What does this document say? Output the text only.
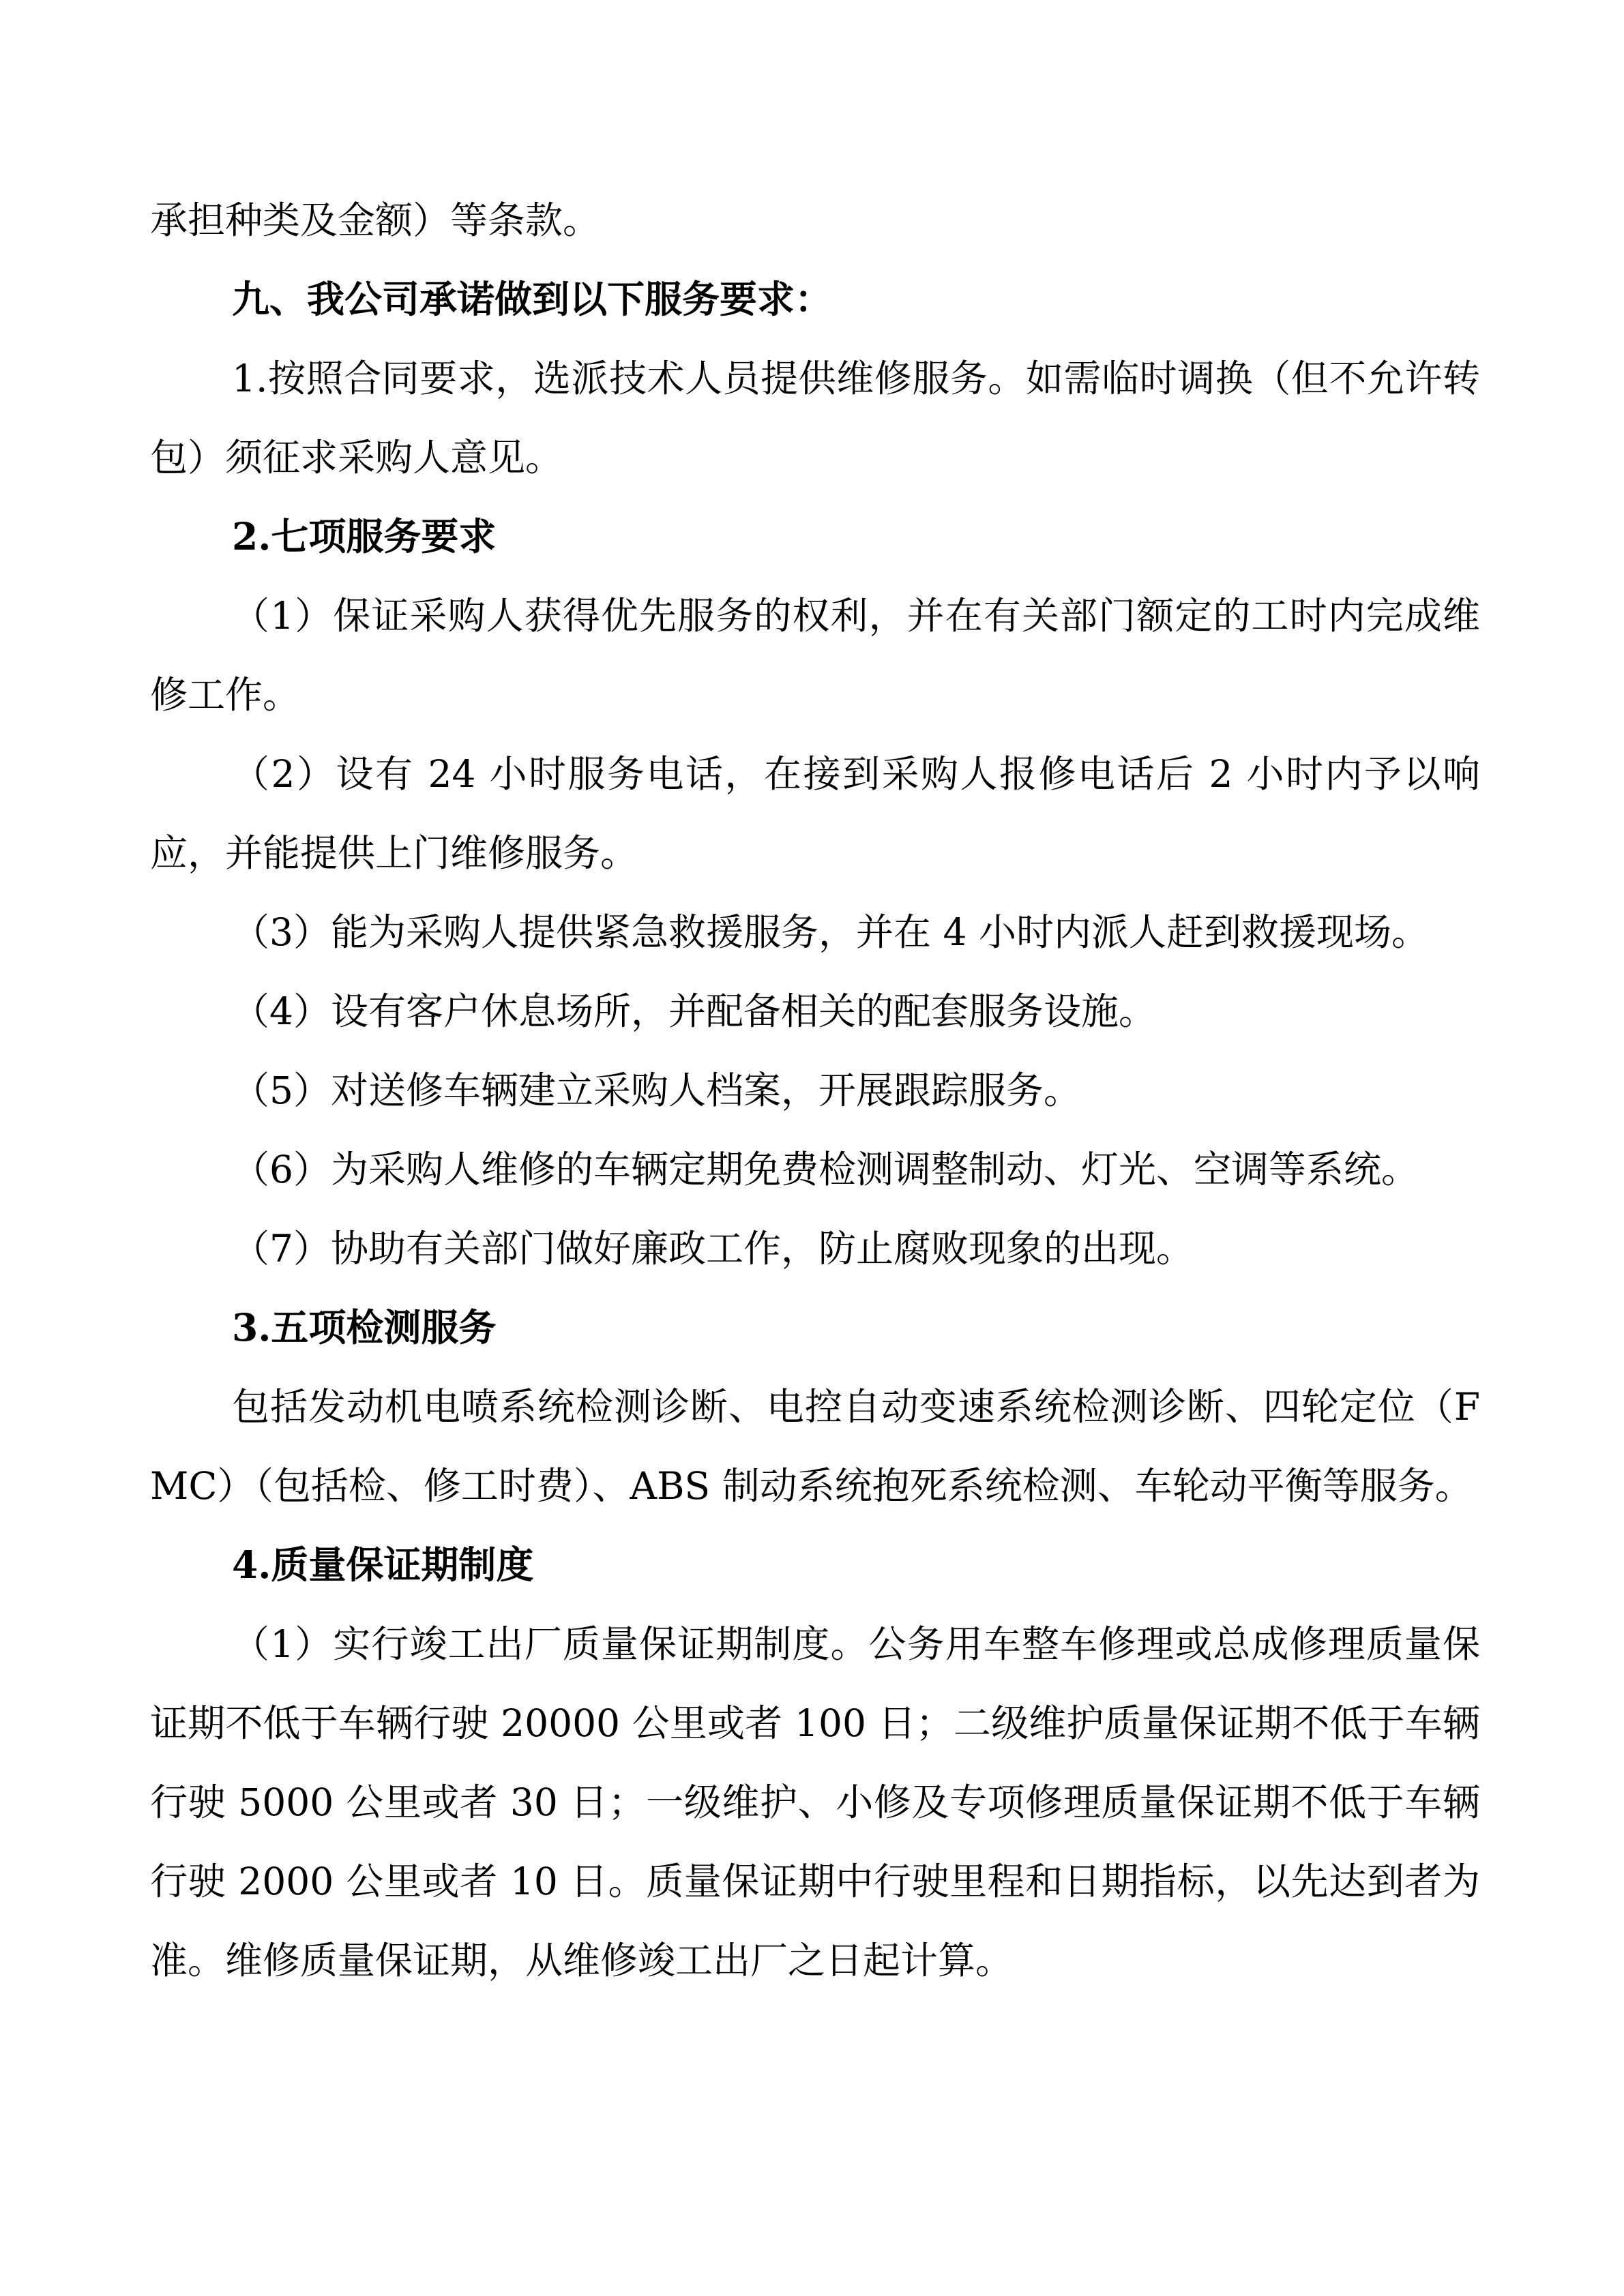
承担种类及金额）等条款。

九、我公司承诺做到以下服务要求：

1.按照合同要求，选派技术人员提供维修服务。如需临时调换（但不允许转包）须征求采购人意见。

2.七项服务要求

（1）保证采购人获得优先服务的权利，并在有关部门额定的工时内完成维修工作。

（2）设有 24 小时服务电话，在接到采购人报修电话后 2 小时内予以响应，并能提供上门维修服务。

（3）能为采购人提供紧急救援服务，并在 4 小时内派人赶到救援现场。

（4）设有客户休息场所，并配备相关的配套服务设施。

（5）对送修车辆建立采购人档案，开展跟踪服务。

（6）为采购人维修的车辆定期免费检测调整制动、灯光、空调等系统。

（7）协助有关部门做好廉政工作，防止腐败现象的出现。

3.五项检测服务

包括发动机电喷系统检测诊断、电控自动变速系统检测诊断、四轮定位（FMC）（包括检、修工时费）、ABS 制动系统抱死系统检测、车轮动平衡等服务。

4.质量保证期制度

（1）实行竣工出厂质量保证期制度。公务用车整车修理或总成修理质量保证期不低于车辆行驶 20000 公里或者 100 日；二级维护质量保证期不低于车辆行驶 5000 公里或者 30 日；一级维护、小修及专项修理质量保证期不低于车辆行驶 2000 公里或者 10 日。质量保证期中行驶里程和日期指标，以先达到者为准。维修质量保证期，从维修竣工出厂之日起计算。
